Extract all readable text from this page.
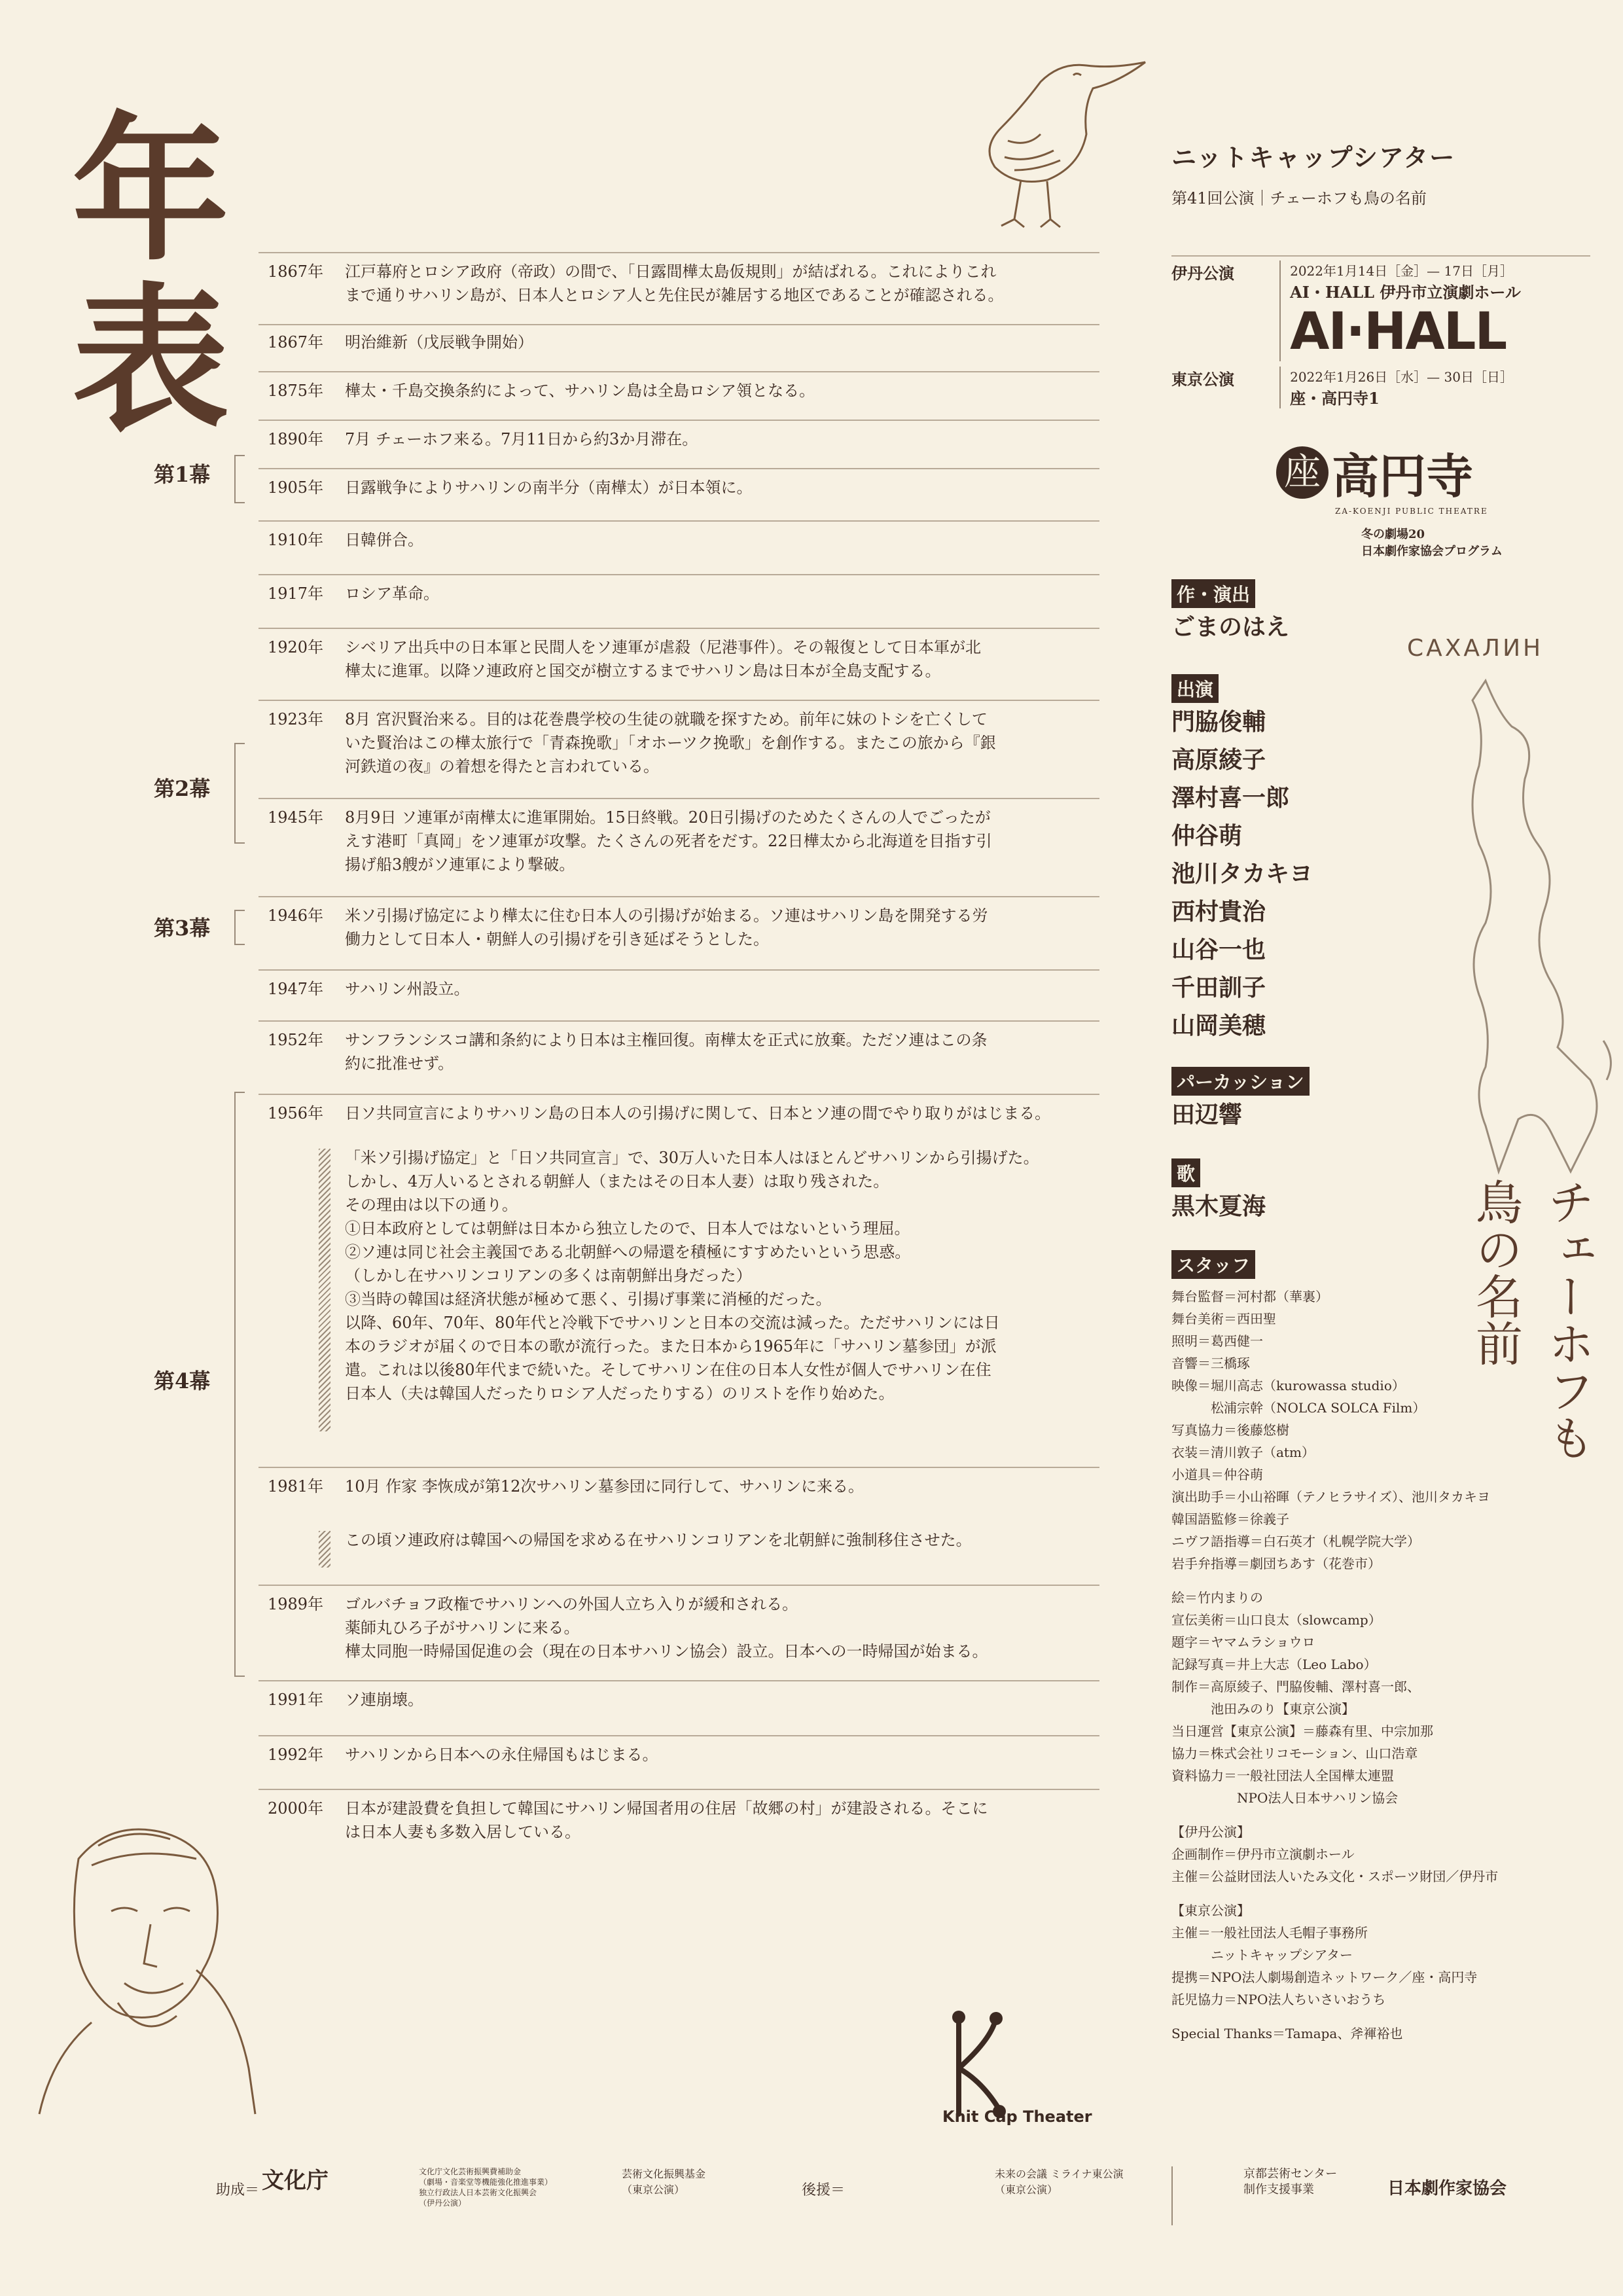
年
表
第1幕
第2幕
第3幕
第4幕
1867年	江戸幕府とロシア政府（帝政）の間で、「日露間樺太島仮規則」が結ばれる。これによりこれ

まで通りサハリン島が、日本人とロシア人と先住民が雑居する地区であることが確認される。

1867年	明治維新（戊辰戦争開始）

1875年	樺太・千島交換条約によって、サハリン島は全島ロシア領となる。

1890年	7月 チェーホフ来る。7月11日から約3か月滞在。

1905年	日露戦争によりサハリンの南半分（南樺太）が日本領に。

1910年	日韓併合。

1917年	ロシア革命。

1920年	シベリア出兵中の日本軍と民間人をソ連軍が虐殺（尼港事件）。その報復として日本軍が北

樺太に進軍。以降ソ連政府と国交が樹立するまでサハリン島は日本が全島支配する。

1923年	8月 宮沢賢治来る。目的は花巻農学校の生徒の就職を探すため。前年に妹のトシを亡くして

いた賢治はこの樺太旅行で「青森挽歌」「オホーツク挽歌」を創作する。またこの旅から『銀

河鉄道の夜』の着想を得たと言われている。

1945年	8月9日 ソ連軍が南樺太に進軍開始。15日終戦。20日引揚げのためたくさんの人でごったが

えす港町「真岡」をソ連軍が攻撃。たくさんの死者をだす。22日樺太から北海道を目指す引

揚げ船3艘がソ連軍により撃破。

1946年	米ソ引揚げ協定により樺太に住む日本人の引揚げが始まる。ソ連はサハリン島を開発する労

働力として日本人・朝鮮人の引揚げを引き延ばそうとした。

1947年	サハリン州設立。

1952年	サンフランシスコ講和条約により日本は主権回復。南樺太を正式に放棄。ただソ連はこの条

約に批准せず。

1956年	日ソ共同宣言によりサハリン島の日本人の引揚げに関して、日本とソ連の間でやり取りがはじまる。

「米ソ引揚げ協定」と「日ソ共同宣言」で、30万人いた日本人はほとんどサハリンから引揚げた。

しかし、4万人いるとされる朝鮮人（またはその日本人妻）は取り残された。

その理由は以下の通り。

①日本政府としては朝鮮は日本から独立したので、日本人ではないという理屈。

②ソ連は同じ社会主義国である北朝鮮への帰還を積極にすすめたいという思惑。

（しかし在サハリンコリアンの多くは南朝鮮出身だった）

③当時の韓国は経済状態が極めて悪く、引揚げ事業に消極的だった。

以降、60年、70年、80年代と冷戦下でサハリンと日本の交流は減った。ただサハリンには日

本のラジオが届くので日本の歌が流行った。また日本から1965年に「サハリン墓参団」が派

遣。これは以後80年代まで続いた。そしてサハリン在住の日本人女性が個人でサハリン在住

日本人（夫は韓国人だったりロシア人だったりする）のリストを作り始めた。

1981年	10月 作家 李恢成が第12次サハリン墓参団に同行して、サハリンに来る。

この頃ソ連政府は韓国への帰国を求める在サハリンコリアンを北朝鮮に強制移住させた。

1989年	ゴルバチョフ政権でサハリンへの外国人立ち入りが緩和される。

薬師丸ひろ子がサハリンに来る。

樺太同胞一時帰国促進の会（現在の日本サハリン協会）設立。日本への一時帰国が始まる。

1991年	ソ連崩壊。

1992年	サハリンから日本への永住帰国もはじまる。

2000年	日本が建設費を負担して韓国にサハリン帰国者用の住居「故郷の村」が建設される。そこに

は日本人妻も多数入居している。

ニットキャップシアター
第41回公演｜チェーホフも鳥の名前
伊丹公演	2022年1月14日［金］— 17日［月］
AI・HALL 伊丹市立演劇ホール
AI·HALL
東京公演	2022年1月26日［水］— 30日［日］
座・高円寺1
座 高円寺
ZA-KOENJI PUBLIC THEATRE
冬の劇場20
日本劇作家協会プログラム
作・演出
ごまのはえ
出演
門脇俊輔
高原綾子
澤村喜一郎
仲谷萌
池川タカキヨ
西村貴治
山谷一也
千田訓子
山岡美穂
パーカッション
田辺響
歌
黒木夏海
スタッフ
舞台監督＝河村都（華裏）
舞台美術＝西田聖
照明＝葛西健一
音響＝三橋琢
映像＝堀川高志（kurowassa studio）
　　　松浦宗幹（NOLCA SOLCA Film）
写真協力＝後藤悠樹
衣装＝清川敦子（atm）
小道具＝仲谷萌
演出助手＝小山裕暉（テノヒラサイズ）、池川タカキヨ
韓国語監修＝徐義子
ニヴフ語指導＝白石英才（札幌学院大学）
岩手弁指導＝劇団ちあす（花巻市）
絵＝竹内まりの
宣伝美術＝山口良太（slowcamp）
題字＝ヤマムラショウロ
記録写真＝井上大志（Leo Labo）
制作＝高原綾子、門脇俊輔、澤村喜一郎、
　　　池田みのり【東京公演】
当日運営【東京公演】＝藤森有里、中宗加那
協力＝株式会社リコモーション、山口浩章
資料協力＝一般社団法人全国樺太連盟
　　　　　NPO法人日本サハリン協会
【伊丹公演】
企画制作＝伊丹市立演劇ホール
主催＝公益財団法人いたみ文化・スポーツ財団／伊丹市
【東京公演】
主催＝一般社団法人毛帽子事務所
　　　ニットキャップシアター
提携＝NPO法人劇場創造ネットワーク／座・高円寺
託児協力＝NPO法人ちいさいおうち
Special Thanks＝Tamapa、斧褌裕也
CAXAЛИН
チェーホフも
鳥の名前
Knit Cap Theater
助成＝ 文化庁	文化庁文化芸術振興費補助金
（劇場・音楽堂等機能強化推進事業）
独立行政法人日本芸術文化振興会
（伊丹公演）
芸術文化振興基金
（東京公演）	後援＝
未来の会議 ミライナ東公演
（東京公演）
京都芸術センター
制作支援事業	日本劇作家協会
